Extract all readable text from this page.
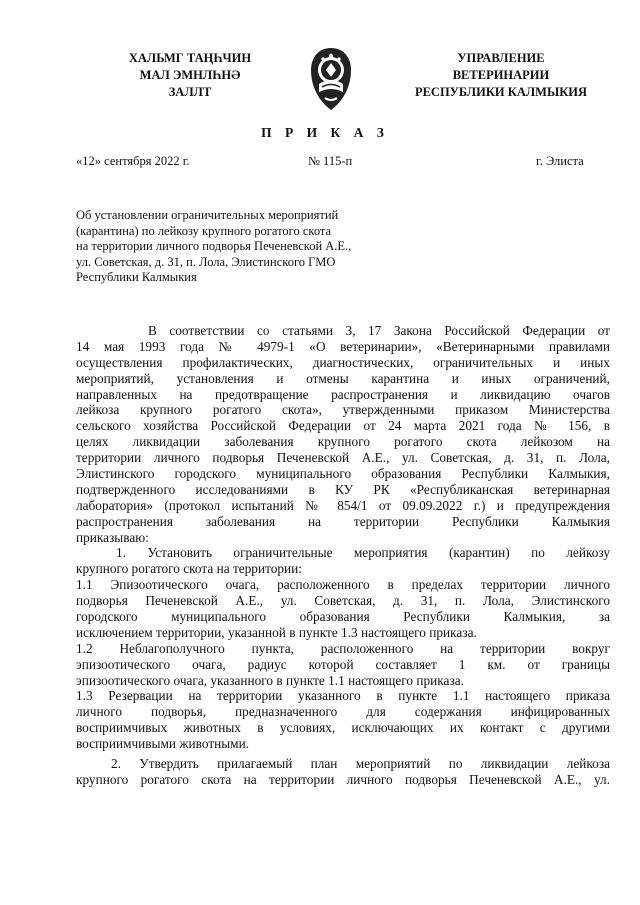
ХАЛЬМГ ТАҢҺЧИН
МАЛ ЭМНЛҺНӘ
ЗАЛЛТ
УПРАВЛЕНИЕ
ВЕТЕРИНАРИИ
РЕСПУБЛИКИ КАЛМЫКИЯ
П Р И К А З
«12» сентября 2022 г.	№ 115-п	г. Элиста
Об установлении ограничительных мероприятий
(карантина) по лейкозу крупного рогатого скота
на территории личного подворья Печеневской А.Е.,
ул. Советская, д. 31, п. Лола, Элистинского ГМО
Республики Калмыкия
В соответствии со статьями 3, 17 Закона Российской Федерации от
14 мая 1993 года № 4979-1 «О ветеринарии», «Ветеринарными правилами
осуществления профилактических, диагностических, ограничительных и иных
мероприятий, установления и отмены карантина и иных ограничений,
направленных на предотвращение распространения и ликвидацию очагов
лейкоза крупного рогатого скота», утвержденными приказом Министерства
сельского хозяйства Российской Федерации от 24 марта 2021 года № 156, в
целях ликвидации заболевания крупного рогатого скота лейкозом на
территории личного подворья Печеневской А.Е., ул. Советская, д. 31, п. Лола,
Элистинского городского муниципального образования Республики Калмыкия,
подтвержденного исследованиями в КУ РК «Республиканская ветеринарная
лаборатория» (протокол испытаний № 854/1 от 09.09.2022 г.) и предупреждения
распространения заболевания на территории Республики Калмыкия
приказываю:
1. Установить ограничительные мероприятия (карантин) по лейкозу
крупного рогатого скота на территории:
1.1 Эпизоотического очага, расположенного в пределах территории личного
подворья Печеневской А.Е., ул. Советская, д. 31, п. Лола, Элистинского
городского муниципального образования Республики Калмыкия, за
исключением территории, указанной в пункте 1.3 настоящего приказа.
1.2 Неблагополучного пункта, расположенного на территории вокруг
эпизоотического очага, радиус которой составляет 1 км. от границы
эпизоотического очага, указанного в пункте 1.1 настоящего приказа.
1.3 Резервации на территории указанного в пункте 1.1 настоящего приказа
личного подворья, предназначенного для содержания инфицированных
восприимчивых животных в условиях, исключающих их контакт с другими
восприимчивыми животными.
2. Утвердить прилагаемый план мероприятий по ликвидации лейкоза
крупного рогатого скота на территории личного подворья Печеневской А.Е., ул.
